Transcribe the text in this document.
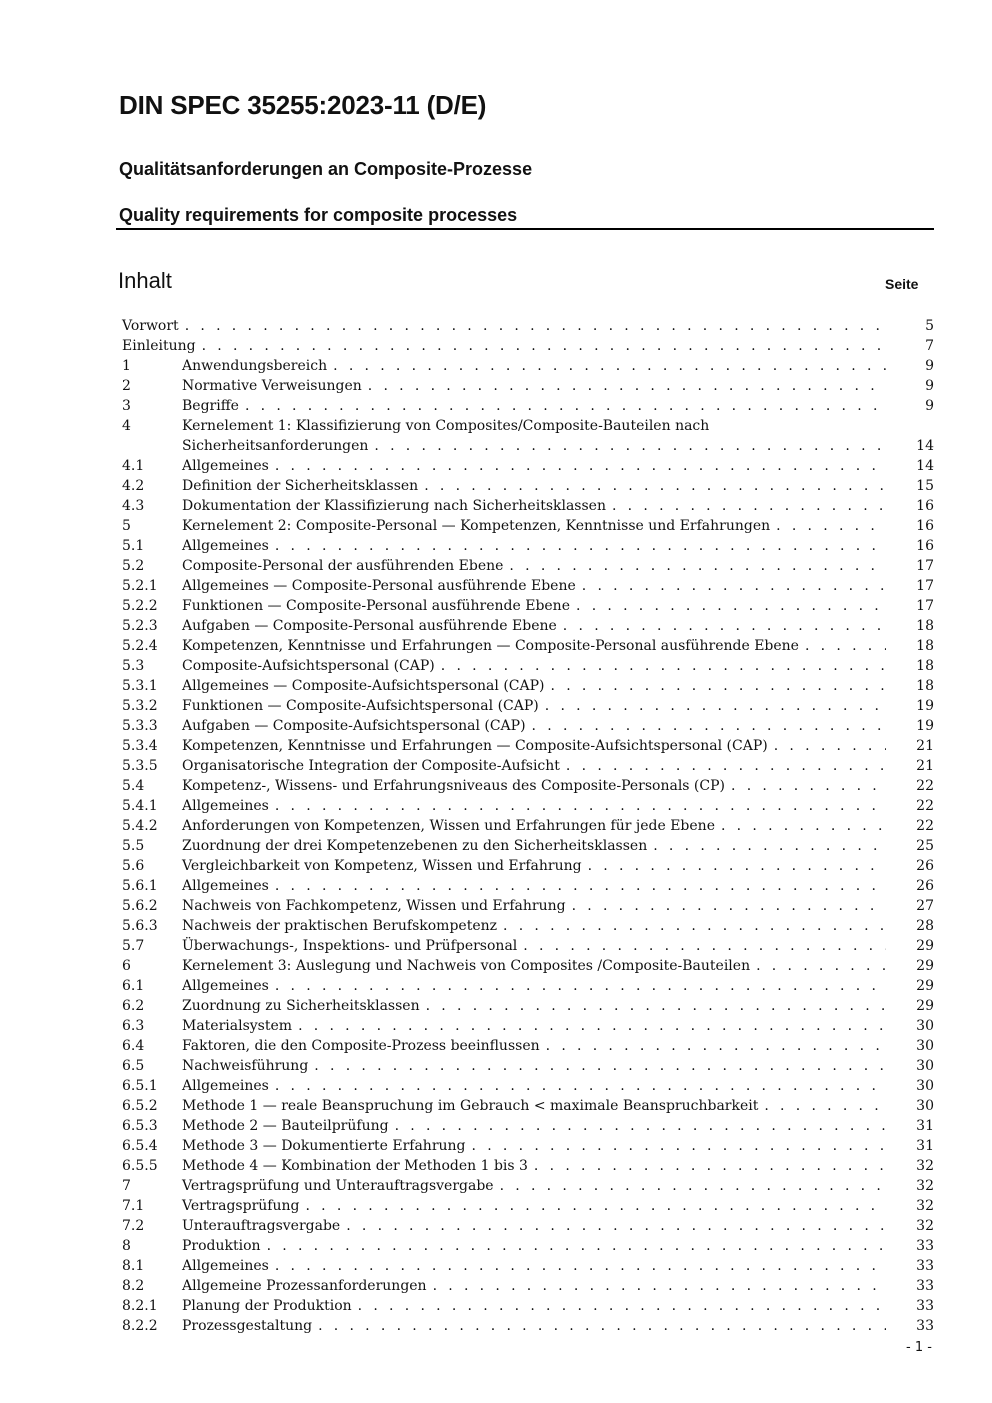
DIN SPEC 35255:2023-11 (D/E)
Qualitätsanforderungen an Composite-Prozesse
Quality requirements for composite processes
Inhalt	Seite
Vorwort . . .	5
Einleitung . . .	7
1	Anwendungsbereich . . .	9
2	Normative Verweisungen . . .	9
3	Begriffe . . .	9
4	Kernelement 1: Klassifizierung von Composites/Composite-Bauteilen nach
Sicherheitsanforderungen . . .	14
4.1	Allgemeines . . .	14
4.2	Definition der Sicherheitsklassen . . .	15
4.3	Dokumentation der Klassifizierung nach Sicherheitsklassen . . .	16
5	Kernelement 2: Composite-Personal — Kompetenzen, Kenntnisse und Erfahrungen . . .	16
5.1	Allgemeines . . .	16
5.2	Composite-Personal der ausführenden Ebene . . .	17
5.2.1	Allgemeines — Composite-Personal ausführende Ebene . . .	17
5.2.2	Funktionen — Composite-Personal ausführende Ebene . . .	17
5.2.3	Aufgaben — Composite-Personal ausführende Ebene . . .	18
5.2.4	Kompetenzen, Kenntnisse und Erfahrungen — Composite-Personal ausführende Ebene . . .	18
5.3	Composite-Aufsichtspersonal (CAP) . . .	18
5.3.1	Allgemeines — Composite-Aufsichtspersonal (CAP) . . .	18
5.3.2	Funktionen — Composite-Aufsichtspersonal (CAP) . . .	19
5.3.3	Aufgaben — Composite-Aufsichtspersonal (CAP) . . .	19
5.3.4	Kompetenzen, Kenntnisse und Erfahrungen — Composite-Aufsichtspersonal (CAP) . . .	21
5.3.5	Organisatorische Integration der Composite-Aufsicht . . .	21
5.4	Kompetenz-, Wissens- und Erfahrungsniveaus des Composite-Personals (CP) . . .	22
5.4.1	Allgemeines . . .	22
5.4.2	Anforderungen von Kompetenzen, Wissen und Erfahrungen für jede Ebene . . .	22
5.5	Zuordnung der drei Kompetenzebenen zu den Sicherheitsklassen . . .	25
5.6	Vergleichbarkeit von Kompetenz, Wissen und Erfahrung . . .	26
5.6.1	Allgemeines . . .	26
5.6.2	Nachweis von Fachkompetenz, Wissen und Erfahrung . . .	27
5.6.3	Nachweis der praktischen Berufskompetenz . . .	28
5.7	Überwachungs-, Inspektions- und Prüfpersonal . . .	29
6	Kernelement 3: Auslegung und Nachweis von Composites /Composite-Bauteilen . . .	29
6.1	Allgemeines . . .	29
6.2	Zuordnung zu Sicherheitsklassen . . .	29
6.3	Materialsystem . . .	30
6.4	Faktoren, die den Composite-Prozess beeinflussen . . .	30
6.5	Nachweisführung . . .	30
6.5.1	Allgemeines . . .	30
6.5.2	Methode 1 — reale Beanspruchung im Gebrauch < maximale Beanspruchbarkeit . . .	30
6.5.3	Methode 2 — Bauteilprüfung . . .	31
6.5.4	Methode 3 — Dokumentierte Erfahrung . . .	31
6.5.5	Methode 4 — Kombination der Methoden 1 bis 3 . . .	32
7	Vertragsprüfung und Unterauftragsvergabe . . .	32
7.1	Vertragsprüfung . . .	32
7.2	Unterauftragsvergabe . . .	32
8	Produktion . . .	33
8.1	Allgemeines . . .	33
8.2	Allgemeine Prozessanforderungen . . .	33
8.2.1	Planung der Produktion . . .	33
8.2.2	Prozessgestaltung . . .	33
- 1 -
